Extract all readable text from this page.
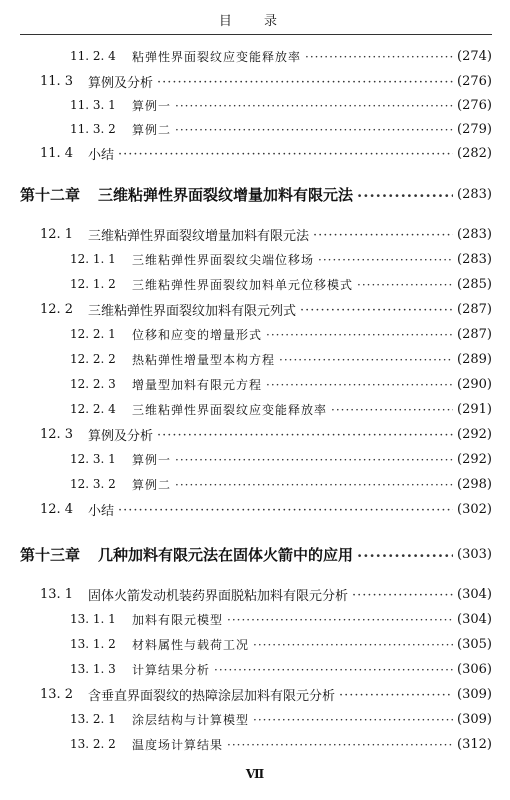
目 录
11. 2. 4	粘弹性界面裂纹应变能释放率 ·····	(274)
11. 3	算例及分析 ·····	(276)
11. 3. 1	算例一 ·····	(276)
11. 3. 2	算例二 ·····	(279)
11. 4	小结 ·····	(282)
第十二章	三维粘弹性界面裂纹增量加料有限元法 ·····	(283)
12. 1	三维粘弹性界面裂纹增量加料有限元法 ·····	(283)
12. 1. 1	三维粘弹性界面裂纹尖端位移场 ·····	(283)
12. 1. 2	三维粘弹性界面裂纹加料单元位移模式 ·····	(285)
12. 2	三维粘弹性界面裂纹加料有限元列式 ·····	(287)
12. 2. 1	位移和应变的增量形式 ·····	(287)
12. 2. 2	热粘弹性增量型本构方程 ·····	(289)
12. 2. 3	增量型加料有限元方程 ·····	(290)
12. 2. 4	三维粘弹性界面裂纹应变能释放率 ·····	(291)
12. 3	算例及分析 ·····	(292)
12. 3. 1	算例一 ·····	(292)
12. 3. 2	算例二 ·····	(298)
12. 4	小结 ·····	(302)
第十三章	几种加料有限元法在固体火箭中的应用 ·····	(303)
13. 1	固体火箭发动机装药界面脱粘加料有限元分析 ·····	(304)
13. 1. 1	加料有限元模型 ·····	(304)
13. 1. 2	材料属性与载荷工况 ·····	(305)
13. 1. 3	计算结果分析 ·····	(306)
13. 2	含垂直界面裂纹的热障涂层加料有限元分析 ·····	(309)
13. 2. 1	涂层结构与计算模型 ·····	(309)
13. 2. 2	温度场计算结果 ·····	(312)
Ⅶ
